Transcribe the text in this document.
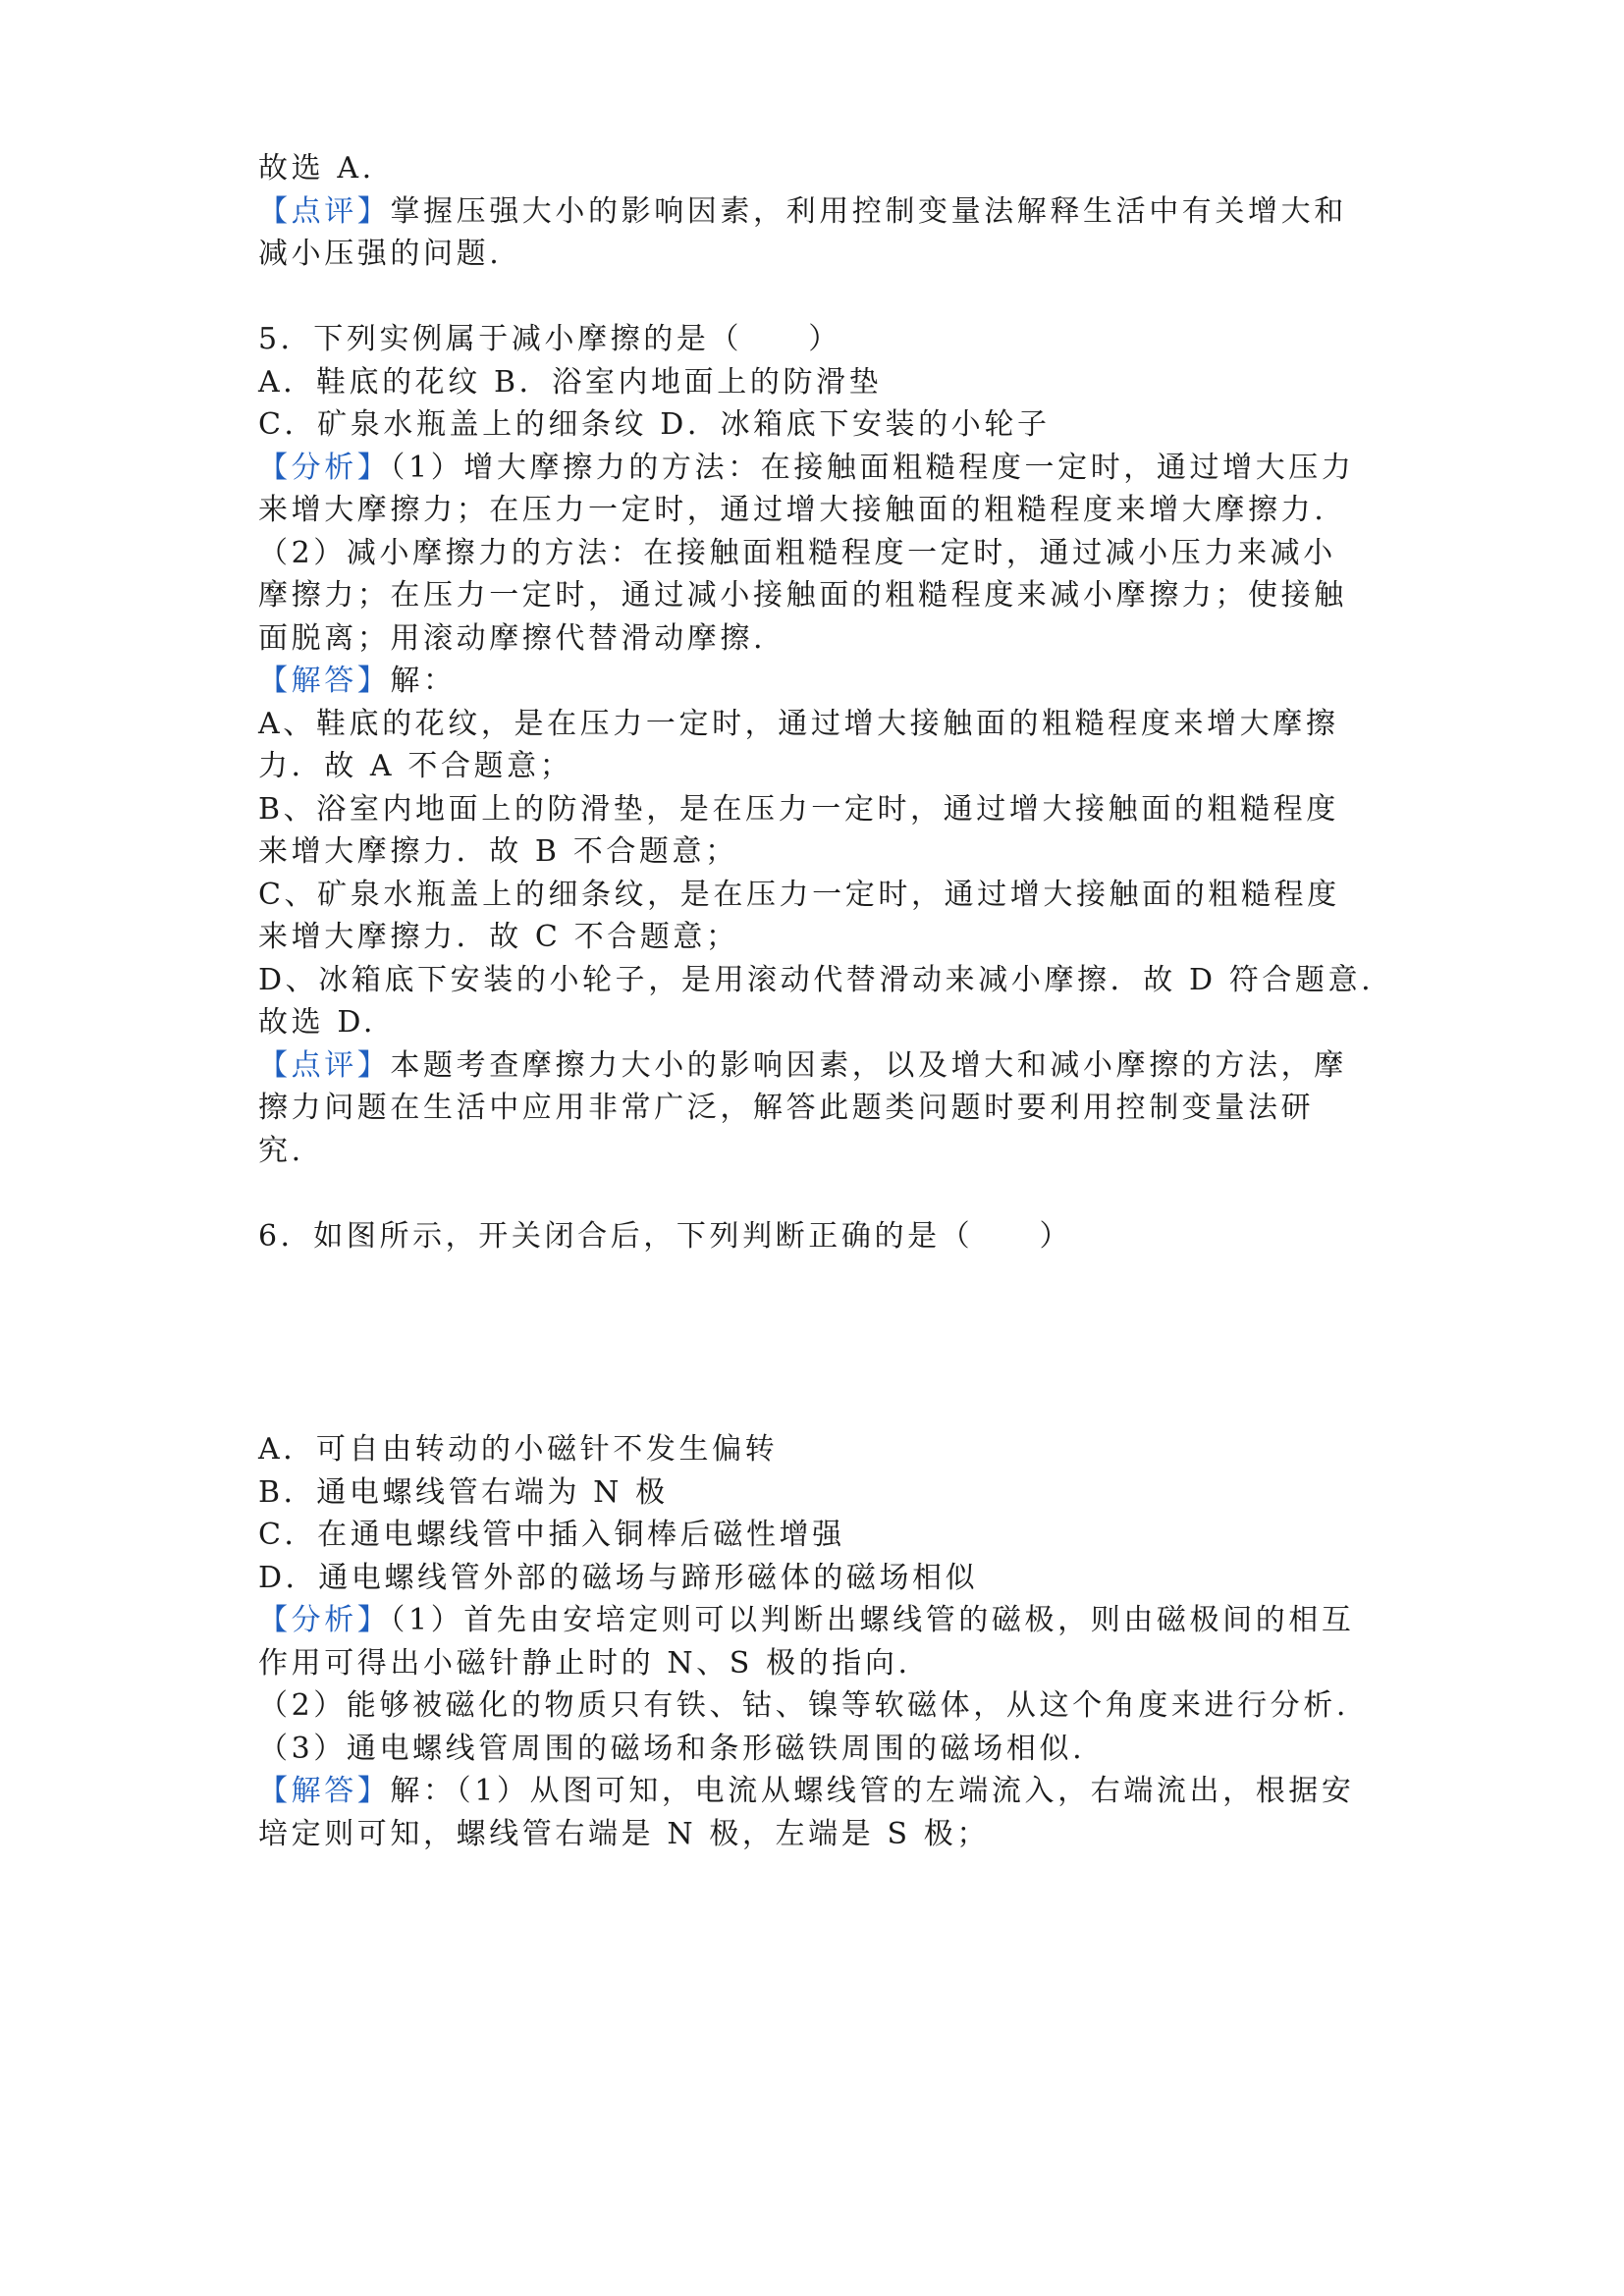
故选 A.
【点评】掌握压强大小的影响因素，利用控制变量法解释生活中有关增大和
减小压强的问题.
5．下列实例属于减小摩擦的是（　　）
A．鞋底的花纹 B．浴室内地面上的防滑垫
C．矿泉水瓶盖上的细条纹 D．冰箱底下安装的小轮子
【分析】（1）增大摩擦力的方法：在接触面粗糙程度一定时，通过增大压力
来增大摩擦力；在压力一定时，通过增大接触面的粗糙程度来增大摩擦力.
（2）减小摩擦力的方法：在接触面粗糙程度一定时，通过减小压力来减小
摩擦力；在压力一定时，通过减小接触面的粗糙程度来减小摩擦力；使接触
面脱离；用滚动摩擦代替滑动摩擦.
【解答】解：
A、鞋底的花纹，是在压力一定时，通过增大接触面的粗糙程度来增大摩擦
力．故 A 不合题意；
B、浴室内地面上的防滑垫，是在压力一定时，通过增大接触面的粗糙程度
来增大摩擦力．故 B 不合题意；
C、矿泉水瓶盖上的细条纹，是在压力一定时，通过增大接触面的粗糙程度
来增大摩擦力．故 C 不合题意；
D、冰箱底下安装的小轮子，是用滚动代替滑动来减小摩擦．故 D 符合题意.
故选 D.
【点评】本题考查摩擦力大小的影响因素，以及增大和减小摩擦的方法，摩
擦力问题在生活中应用非常广泛，解答此题类问题时要利用控制变量法研
究.
6．如图所示，开关闭合后，下列判断正确的是（　　）
A．可自由转动的小磁针不发生偏转
B．通电螺线管右端为 N 极
C．在通电螺线管中插入铜棒后磁性增强
D．通电螺线管外部的磁场与蹄形磁体的磁场相似
【分析】（1）首先由安培定则可以判断出螺线管的磁极，则由磁极间的相互
作用可得出小磁针静止时的 N、S 极的指向.
（2）能够被磁化的物质只有铁、钴、镍等软磁体，从这个角度来进行分析.
（3）通电螺线管周围的磁场和条形磁铁周围的磁场相似.
【解答】解：（1）从图可知，电流从螺线管的左端流入，右端流出，根据安
培定则可知，螺线管右端是 N 极，左端是 S 极；
